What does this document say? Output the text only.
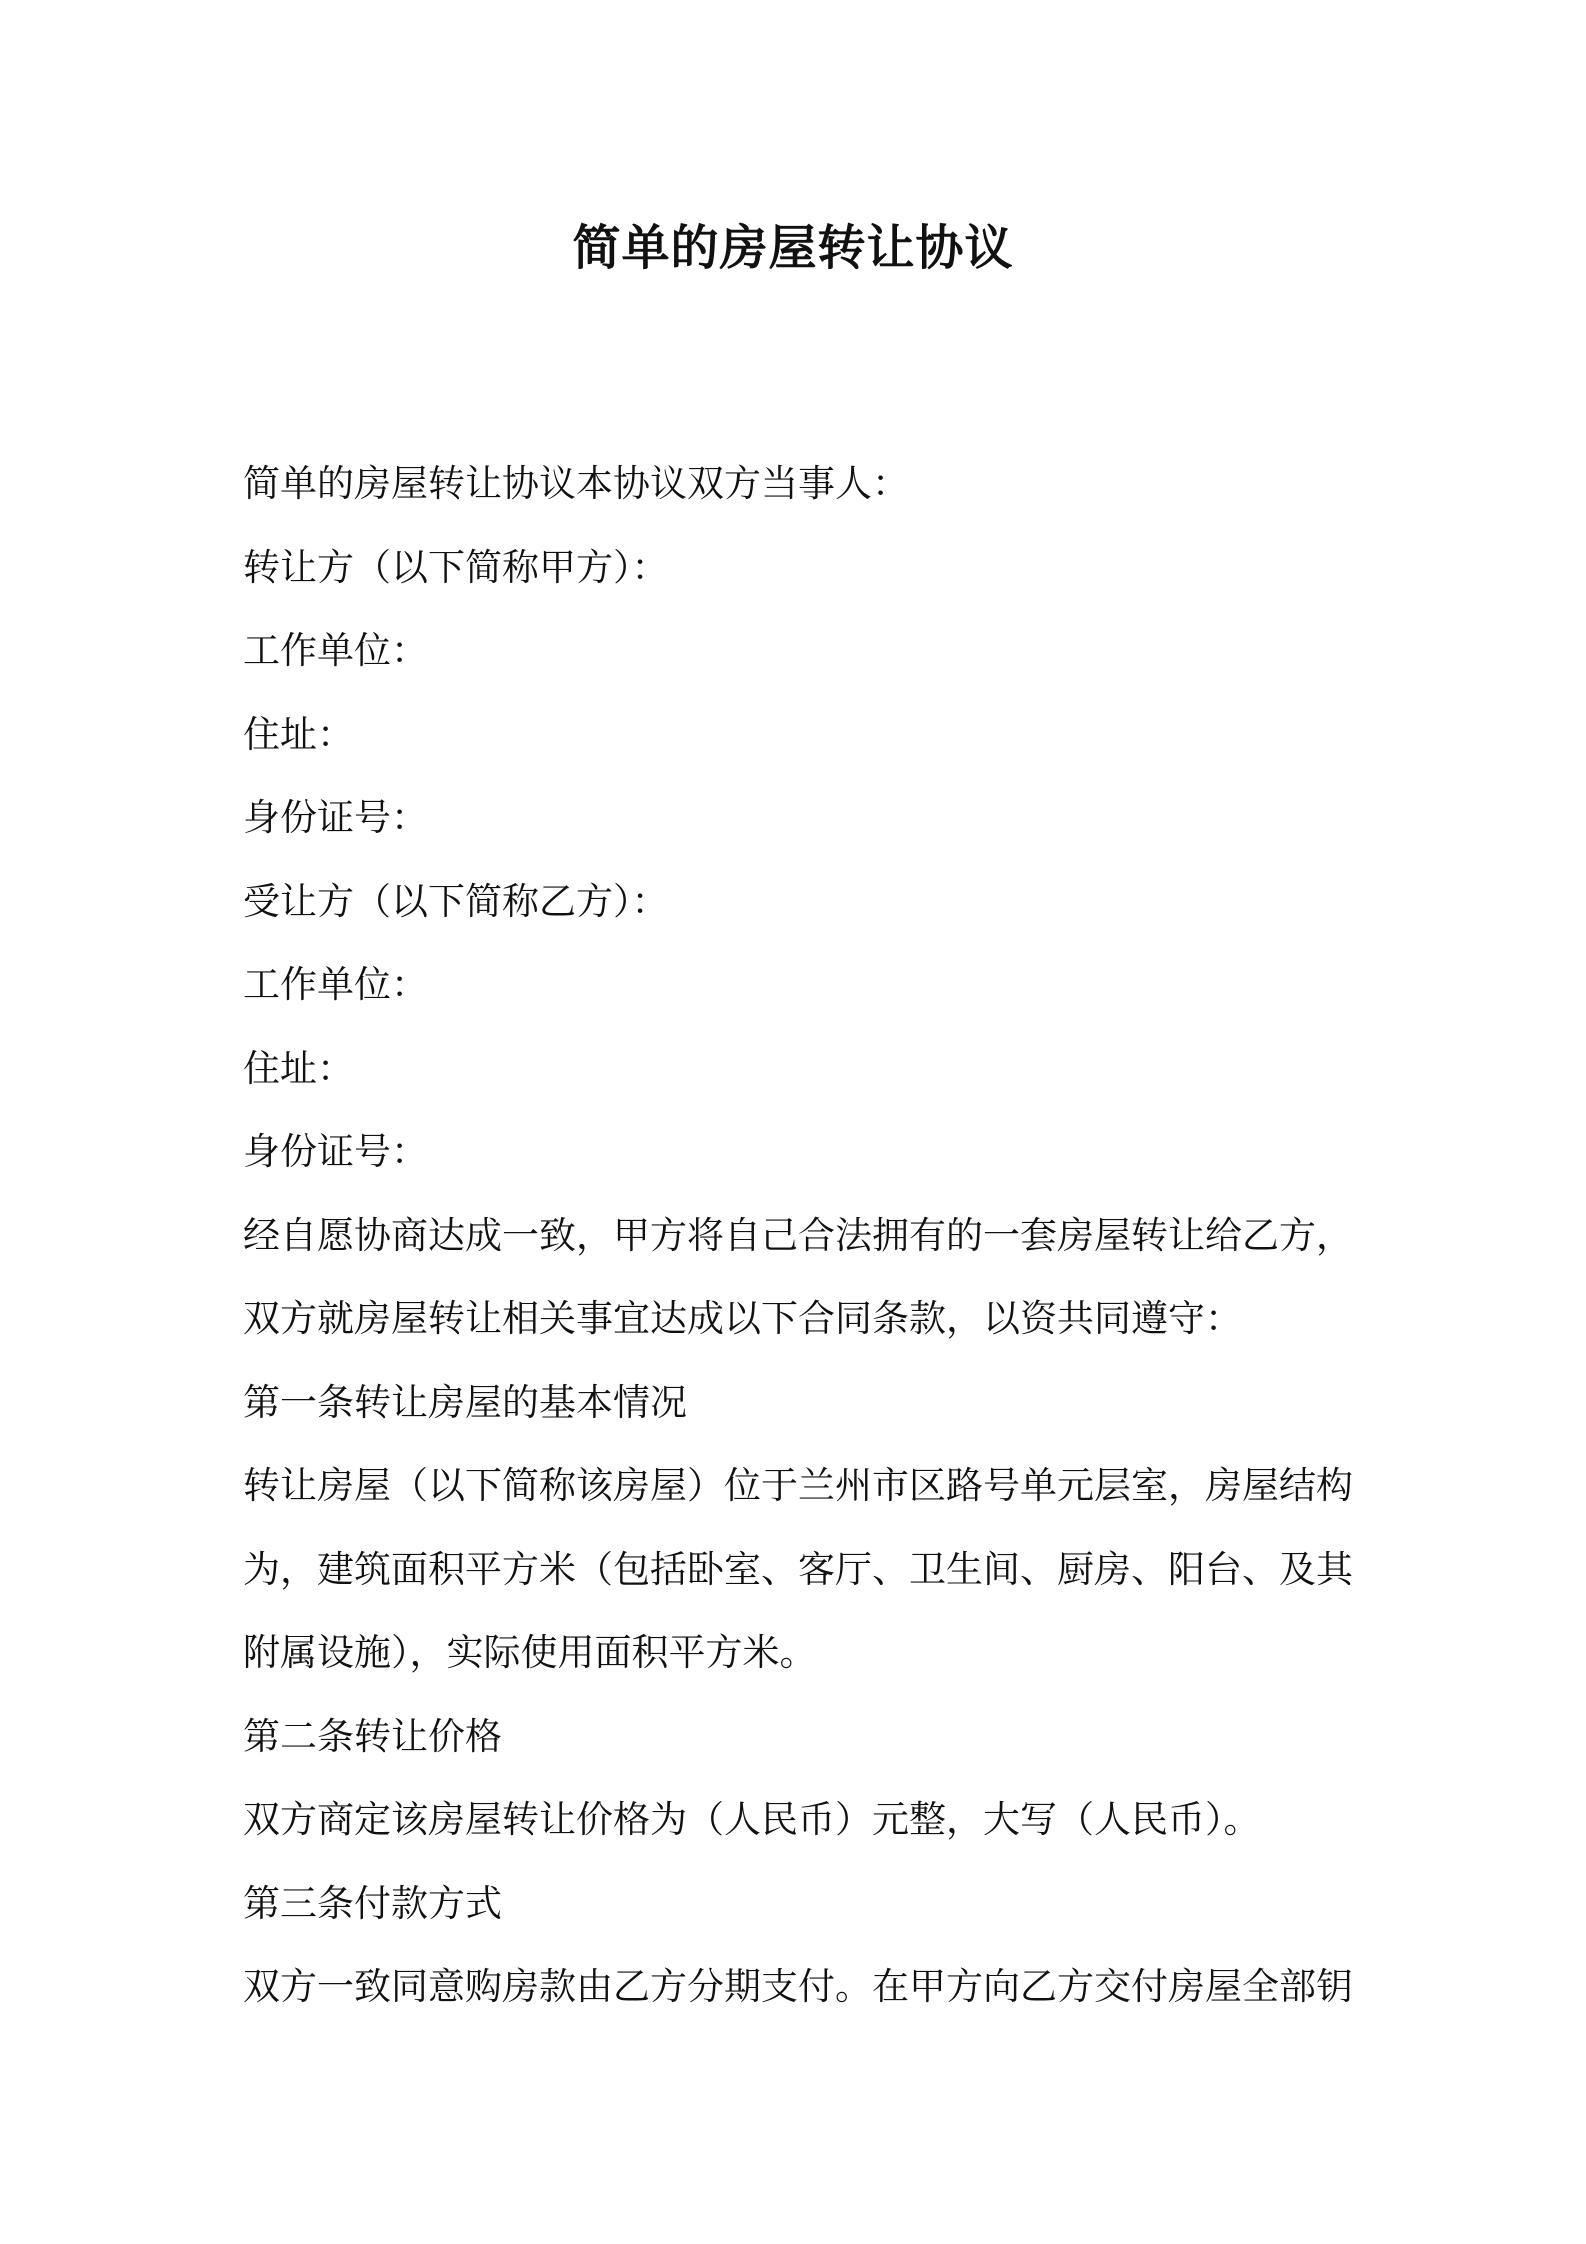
简单的房屋转让协议

简单的房屋转让协议本协议双方当事人：

转让方（以下简称甲方）：

工作单位：

住址：

身份证号：

受让方（以下简称乙方）：

工作单位：

住址：

身份证号：

经自愿协商达成一致，甲方将自己合法拥有的一套房屋转让给乙方，

双方就房屋转让相关事宜达成以下合同条款，以资共同遵守：

第一条转让房屋的基本情况

转让房屋（以下简称该房屋）位于兰州市区路号单元层室，房屋结构

为，建筑面积平方米（包括卧室、客厅、卫生间、厨房、阳台、及其

附属设施），实际使用面积平方米。

第二条转让价格

双方商定该房屋转让价格为（人民币）元整，大写（人民币）。

第三条付款方式

双方一致同意购房款由乙方分期支付。在甲方向乙方交付房屋全部钥
